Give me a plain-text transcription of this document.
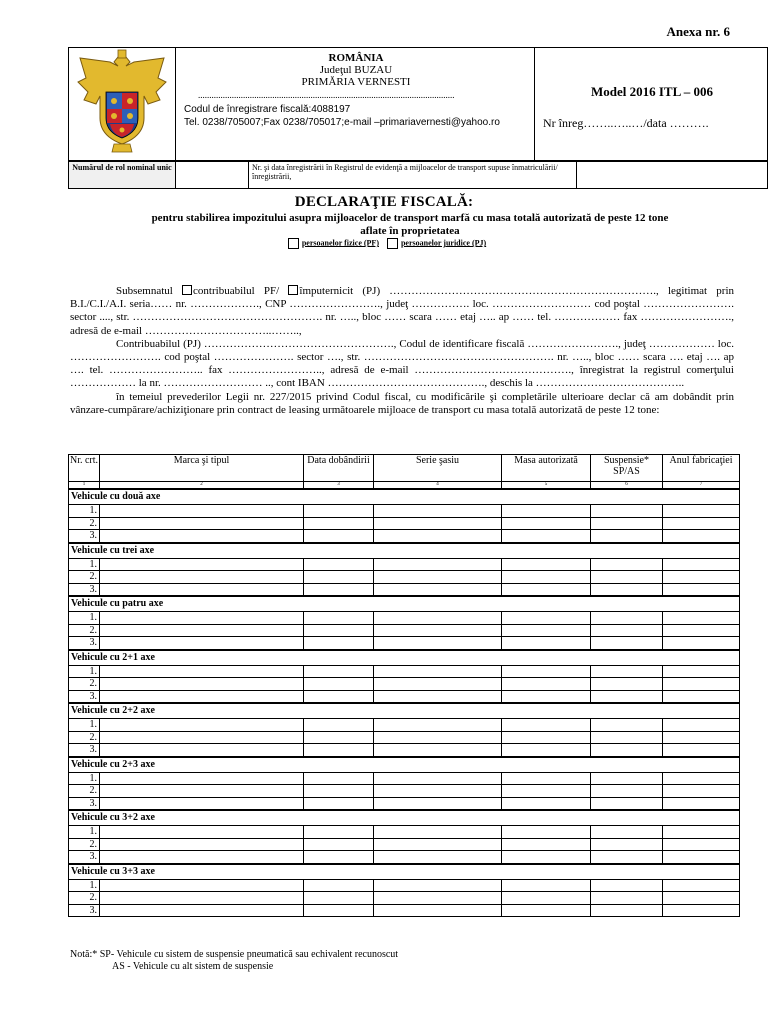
Anexa nr. 6

ROMÂNIA
Judeţul BUZAU
PRIMĂRIA VERNESTI
..................................................................................................................
Codul de înregistrare fiscală:4088197
Tel. 0238/705007;Fax 0238/705017;e-mail –primariavernesti@yahoo.ro

Model 2016 ITL – 006
Nr înreg……..…..…/data ……….
Numărul de rol nominal unic		Nr. şi data înregistrării în Registrul de evidenţă a mijloacelor de transport supuse înmatriculării/înregistrării,	
DECLARAŢIE FISCALĂ:
pentru stabilirea impozitului asupra mijloacelor de transport marfă cu masa totală autorizată de peste 12 tone
aflate în proprietatea
persoanelor fizice (PF)	persoanelor juridice (PJ)

Subsemnatul contribuabilul PF/ împuternicit (PJ) ………………………………………………………………., legitimat prin B.I./C.I./A.I. seria…… nr. ………………., CNP ……………………., judeţ ……………. loc. ……………………… cod poştal ……………………. sector ...., str. ……………………………………………. nr. ….., bloc …… scara …… etaj ….. ap …… tel. ……………… fax ……………………., adresă de e-mail ……………………………..……..,

Contribuabilul (PJ) ……………………………………………., Codul de identificare fiscală ……………………., judeţ ……………… loc. ……………………. cod poştal …………………. sector …., str. ……………………………………………. nr. ….., bloc …… scara …. etaj …. ap …. tel. …………………….. fax …………………….., adresă de e-mail ……………………………………., înregistrat la registrul comerţului ……………… la nr. ……………………… .., cont IBAN ……………………………………., deschis la …………………………………..

în temeiul prevederilor Legii nr. 227/2015 privind Codul fiscal, cu modificările şi completările ulterioare declar că am dobândit prin vânzare-cumpărare/achiziţionare prin contract de leasing următoarele mijloace de transport cu masa totală autorizată de peste 12 tone:

Nr. crt.	Marca şi tipul	Data dobândirii	Serie şasiu	Masa autorizată	Suspensie* SP/AS	Anul fabricaţiei
1	2	3	4	5	6	7
Vehicule cu două axe						
1.						
2.						
3.						
Vehicule cu trei axe						
1.						
2.						
3.						
Vehicule cu patru axe						
1.						
2.						
3.						
Vehicule cu 2+1 axe						
1.						
2.						
3.						
Vehicule cu 2+2 axe						
1.						
2.						
3.						
Vehicule cu 2+3 axe						
1.						
2.						
3.						
Vehicule cu 3+2 axe						
1.						
2.						
3.						
Vehicule cu 3+3 axe						
1.						
2.						
3.						
Notă:* SP- Vehicule cu sistem de suspensie pneumatică sau echivalent recunoscut
AS - Vehicule cu alt sistem de suspensie
